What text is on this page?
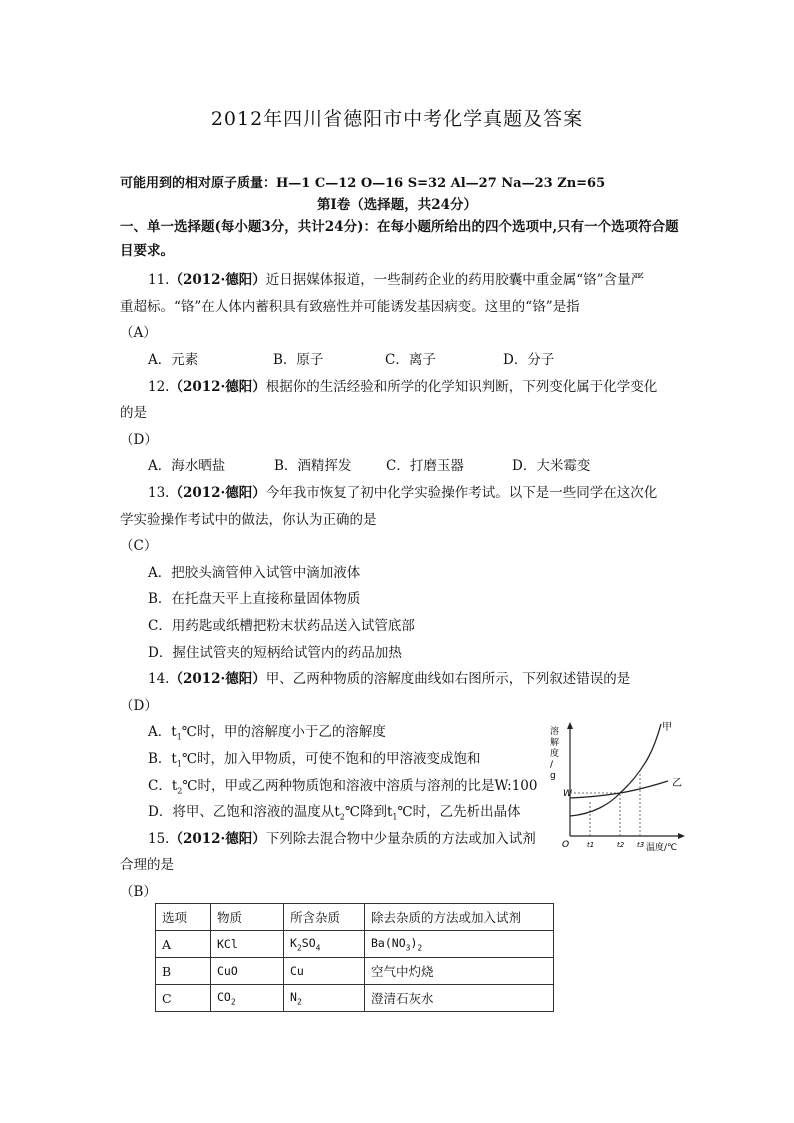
2012年四川省德阳市中考化学真题及答案
可能用到的相对原子质量：H—1 C—12 O—16 S=32 Al—27 Na—23 Zn=65
第Ⅰ卷（选择题，共24分）
一、单一选择题(每小题3分，共计24分)：在每小题所给出的四个选项中,只有一个选项符合题目要求。
11.（2012·德阳）近日据媒体报道，一些制药企业的药用胶囊中重金属“铬”含量严
重超标。“铬”在人体内蓄积具有致癌性并可能诱发基因病变。这里的“铬”是指
（A）
A．元素	B．原子	C．离子	D．分子
12.（2012·德阳）根据你的生活经验和所学的化学知识判断，下列变化属于化学变化
的是
（D）
A．海水晒盐	B．酒精挥发	C．打磨玉器	D．大米霉变
13.（2012·德阳）今年我市恢复了初中化学实验操作考试。以下是一些同学在这次化
学实验操作考试中的做法，你认为正确的是
（C）
A．把胶头滴管伸入试管中滴加液体
B．在托盘天平上直接称量固体物质
C．用药匙或纸槽把粉末状药品送入试管底部
D．握住试管夹的短柄给试管内的药品加热
14.（2012·德阳）甲、乙两种物质的溶解度曲线如右图所示，下列叙述错误的是
（D）
A．$t_1℃$时，甲的溶解度小于乙的溶解度
B．$t_1℃$时，加入甲物质，可使不饱和的甲溶液变成饱和
C．$t_2℃$时，甲或乙两种物质饱和溶液中溶质与溶剂的比是W:100
D．将甲、乙饱和溶液的温度从$t_2℃$降到$t_1℃$时，乙先析出晶体
溶
解
度
/
g
W
甲
乙
O	t1	t2 t3 温度/℃
15.（2012·德阳）下列除去混合物中少量杂质的方法或加入试剂
合理的是
（B）
选项	物质	所含杂质	除去杂质的方法或加入试剂
A	KCl	$K_2SO_4$	$Ba(NO_3)_2$
B	CuO	Cu	空气中灼烧
C	$CO_2$	$N_2$	澄清石灰水
